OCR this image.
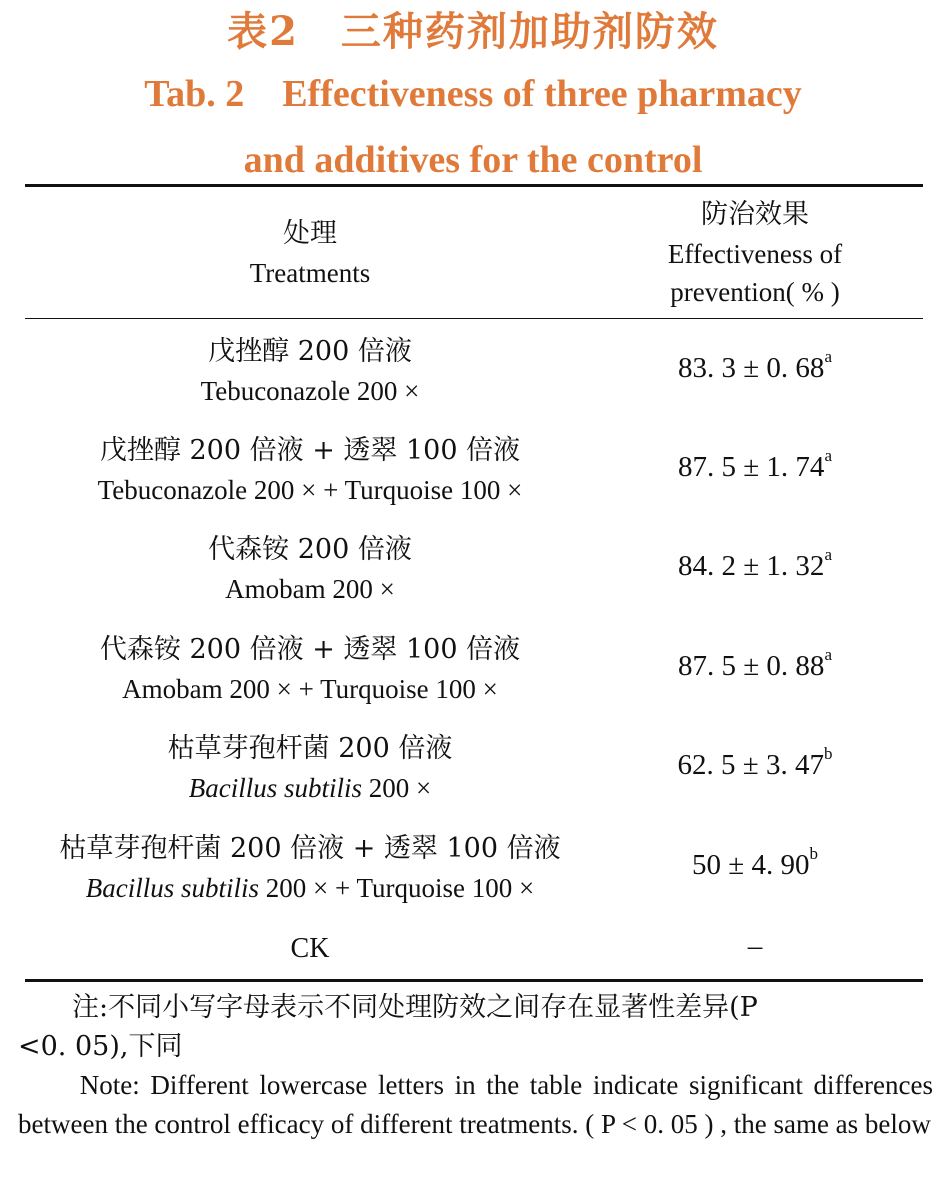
表2　三种药剂加助剂防效
Tab. 2　Effectiveness of three pharmacy
and additives for the control
处理
Treatments
防治效果
Effectiveness of
prevention( % )
戊挫醇 200 倍液
Tebuconazole 200 ×
83. 3 ± 0. 68$^a$
戊挫醇 200 倍液 + 透翠 100 倍液
Tebuconazole 200 × + Turquoise 100 ×
87. 5 ± 1. 74$^a$
代森铵 200 倍液
Amobam 200 ×
84. 2 ± 1. 32$^a$
代森铵 200 倍液 + 透翠 100 倍液
Amobam 200 × + Turquoise 100 ×
87. 5 ± 0. 88$^a$
枯草芽孢杆菌 200 倍液
Bacillus subtilis 200 ×
62. 5 ± 3. 47$^b$
枯草芽孢杆菌 200 倍液 + 透翠 100 倍液
Bacillus subtilis 200 × + Turquoise 100 ×
50 ± 4. 90$^b$
CK	–

　　注:不同小写字母表示不同处理防效之间存在显著性差异(P

<0. 05),下同

　　Note: Different lowercase letters in the table indicate significant differences between the control efficacy of different treatments. ( P < 0. 05 ) , the same as below
